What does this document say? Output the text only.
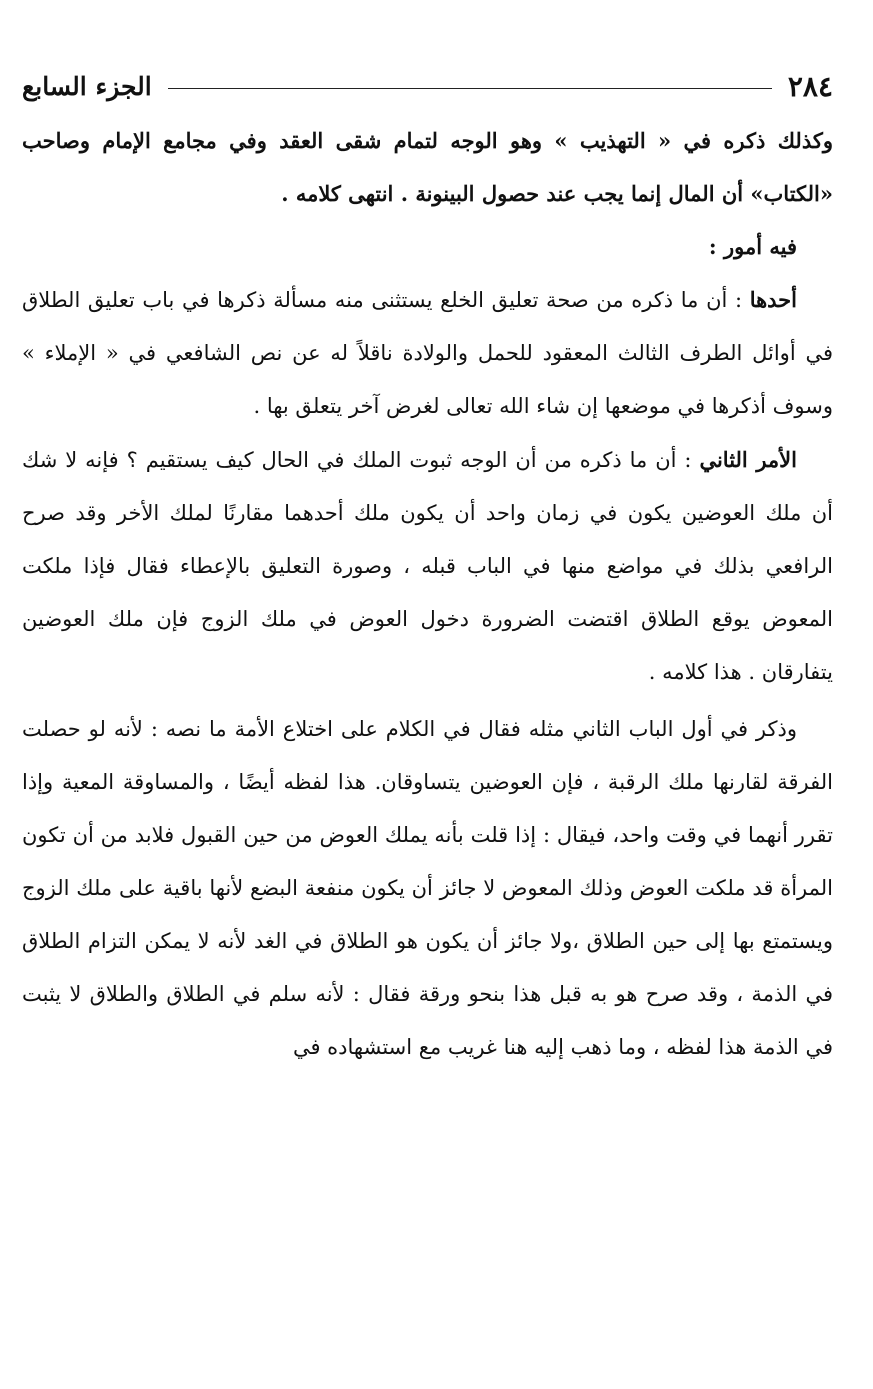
٢٨٤
الجزء السابع

وكذلك ذكره في « التهذيب » وهو الوجه لتمام شقى العقد وفي مجامع الإمام وصاحب «الكتاب» أن المال إنما يجب عند حصول البينونة . انتهى كلامه .

فيه أمور :

أحدها : أن ما ذكره من صحة تعليق الخلع يستثنى منه مسألة ذكرها في باب تعليق الطلاق في أوائل الطرف الثالث المعقود للحمل والولادة ناقلاً له عن نص الشافعي في « الإملاء » وسوف أذكرها في موضعها إن شاء الله تعالى لغرض آخر يتعلق بها .

الأمر الثاني : أن ما ذكره من أن الوجه ثبوت الملك في الحال كيف يستقيم ؟ فإنه لا شك أن ملك العوضين يكون في زمان واحد أن يكون ملك أحدهما مقارنًا لملك الأخر وقد صرح الرافعي بذلك في مواضع منها في الباب قبله ، وصورة التعليق بالإعطاء فقال فإذا ملكت المعوض يوقع الطلاق اقتضت الضرورة دخول العوض في ملك الزوج فإن ملك العوضين يتفارقان . هذا كلامه .

وذكر في أول الباب الثاني مثله فقال في الكلام على اختلاع الأمة ما نصه : لأنه لو حصلت الفرقة لقارنها ملك الرقبة ، فإن العوضين يتساوقان. هذا لفظه أيضًا ، والمساوقة المعية وإذا تقرر أنهما في وقت واحد، فيقال : إذا قلت بأنه يملك العوض من حين القبول فلابد من أن تكون المرأة قد ملكت العوض وذلك المعوض لا جائز أن يكون منفعة البضع لأنها باقية على ملك الزوج ويستمتع بها إلى حين الطلاق ،ولا جائز أن يكون هو الطلاق في الغد لأنه لا يمكن التزام الطلاق في الذمة ، وقد صرح هو به قبل هذا بنحو ورقة فقال : لأنه سلم في الطلاق والطلاق لا يثبت في الذمة هذا لفظه ، وما ذهب إليه هنا غريب مع استشهاده في
